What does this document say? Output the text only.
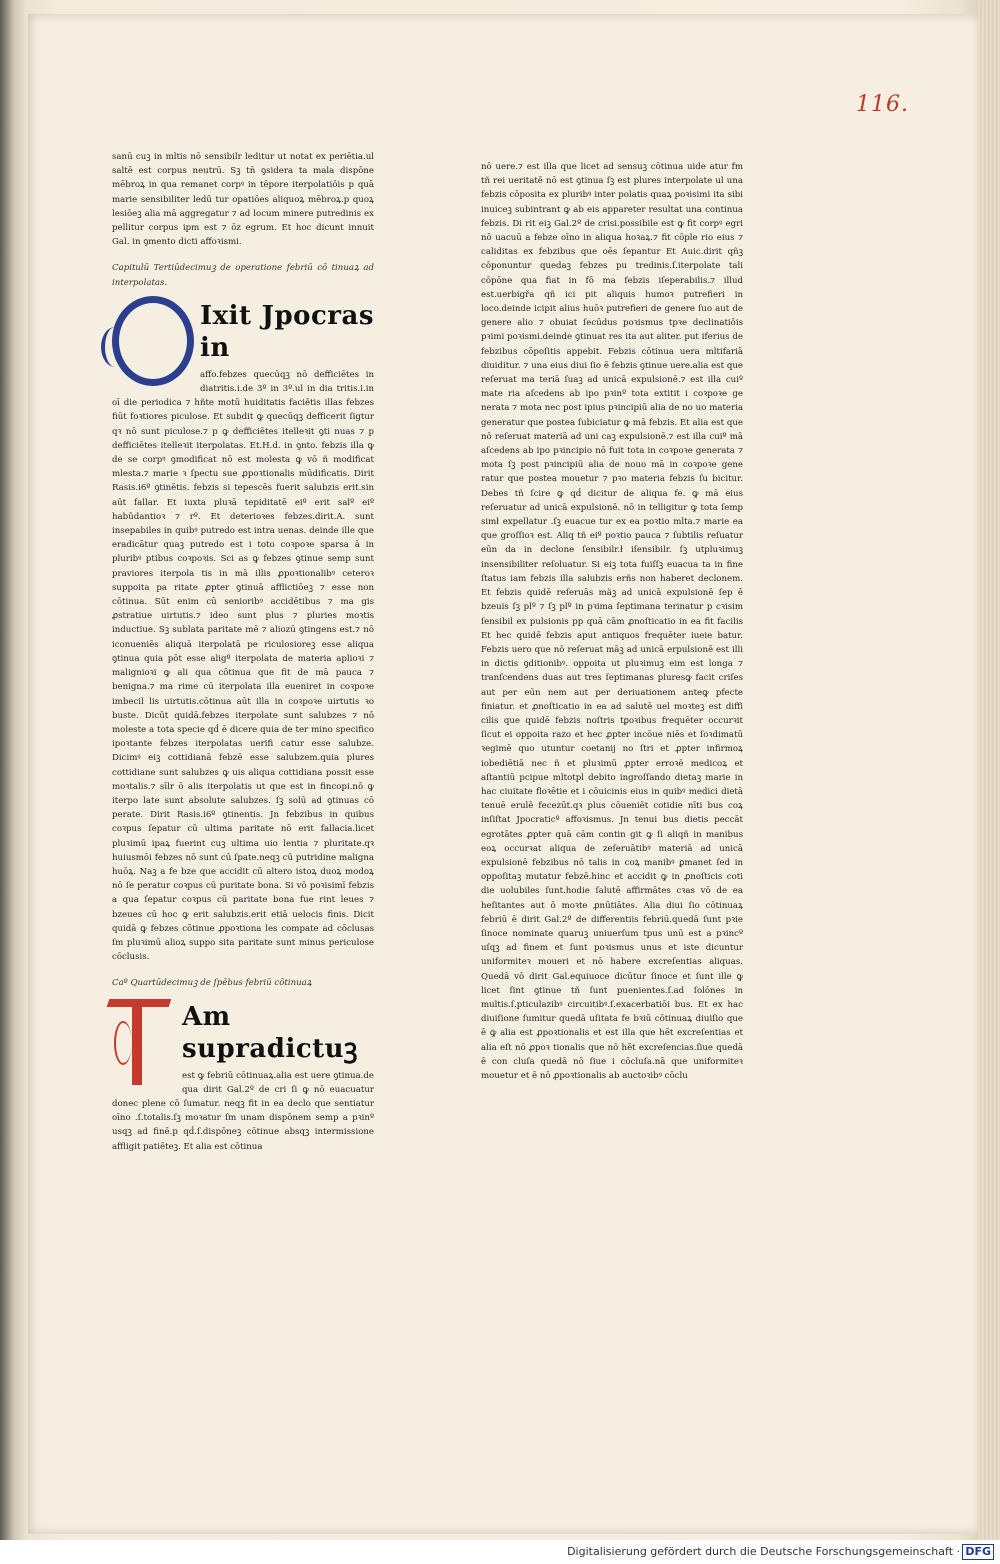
116.

sanū cuꝫ in mltis nō sensibilr leditur ut notat ex periētia.ul saltē est corpus neutrū. Sꝫ tn̄ ꝯsidera ta mala dispōne mēbroꝝ in qua remanet corpꝰ in tēpore iterpolatiōis p quā marie sensibiliter ledū tur opatiōes aliquoꝝ mēbroꝝ.p quoꝝ lesiōeꝫ alia mā aggregatur ⁊ ad locum minere putredinis ex pellitur corpus ipm est ⁊ ōz egrum. Et hoc dicunt innuit Gal. in ꝯmento dicti affoꝛismi.

Capitulū Tertiūdecimuꝫ de operatione febriū cō tinuaꝝ ad interpolatas.

Ixit Jpocras in

affo.febzes quecūqꝫ nō defficiētes in diatritis.i.de 3º in 3º.ul in dia tritis.i.in oī die periodica ⁊ hñte motū huiditatis faciētis illas febzes fiūt foꝛtiores piculose. Et subdit ꝙ quecūqꝫ defficerit ſigtur qꝛ nō sunt piculose.⁊ p ꝙ defficiētes itelleꝛit ꝯti nuas ⁊ p defficiētes itelleꝛit iterpolatas. Et.H.d. in ꝯnto. febzis illa ꝙ de se corpꝰ ꝯmodificat nō est molesta ꝙ vō ñ modificat mlesta.⁊ marie ꝛ ſpectu sue ꝓpoꝛtionalis mūdificatis. Dirit Rasis.i6º ꝯtinētis. febzis si tepescēs fuerit salubzis erit.sin aūt fallar. Et iuxta pluꝛā tepiditatē eiº erit salº eiº habūdantioꝛ ⁊ rº. Et deterioꝛes febzes.dirit.A. sunt insepabiles in quibꝰ putredo est intra uenas. deinde ille que eradicātur quaꝫ putredo est i toto coꝛpoꝛe sparsa ā in pluribꝰ ptibus coꝛpoꝛis. Sci as ꝙ febzes ꝯtinue semp sunt praviores iterpola tis in mā illis ꝓpoꝛtionalibꝰ ceteroꝛ suppoita pa ritate ꝓpter ꝯtinuā afflictiōeꝫ ⁊ esse non cōtinua. Sūt enim cū senioribꝰ accidētibus ⁊ ma gis ꝓstratiue uirtutis.⁊ ideo sunt plus ⁊ pluries moꝛtis inductiue. Sꝫ sublata paritate mē ⁊ aliozū ꝯtingens est.⁊ nō iconueniēs aliquā iterpolatā pe riculosioreꝫ esse aliqua ꝯtinua quia pōt esse aligº iterpolata de materia aplioꝛi ⁊ malignioꝛi ꝙ ali qua cōtinua que fit de mā pauca ⁊ benigna.⁊ ma rime cū iterpolata illa eueniret in coꝛpoꝛe imbecil lis uirtutis.cōtinua aūt illa in coꝛpoꝛe uirtutis ꝛo buste. Dicūt quidā.febzes iterpolate sunt salubzes ⁊ nō moleste a tota specie qḋ ē dicere quia de ter mino specifico ipoꝛtante febzes iterpolatas uerifi catur esse salubze. Dicimꝰ eiꝫ cottidianā febzē esse salubzem.quia plures cottidiane sunt salubzes ꝙ uis aliqua cottidiana possit esse moꝛtalis.⁊ sīlr ō alis iterpolatis ut que est in fincopi.nō ꝙ iterpo late sunt absolute salubzes. ſꝫ solū ad ꝯtinuas cō perate. Dirit Rasis.i6º ꝯtinentis. Jn febzibus in quibus coꝛpus ſepatur cū ultima paritate nō erit fallacia.licet pluꝛimū ipaꝝ fuerint cuꝫ ultima uio lentia ⁊ pluritate.qꝛ huiusmōi febzes nō sunt cū ſpate.neqꝫ cū putridine maligna huōꝝ. Naꝫ a fe bze que accidit cū altero istoꝝ duoꝝ modoꝝ nō ſe peratur coꝛpus cū puritate bona. Si vō poꝛisimī febzis a qua ſepatur coꝛpus cū paritate bona fue rint leues ⁊ bzeues cū hoc ꝙ erit salubzis.erit etiā uelocis finis. Dicit quidā ꝙ febzes cōtinue ꝓpoꝛtiona les compate ad cōclusas ſm pluꝛimū alioꝝ suppo sita paritate sunt minus periculose cōclusis.

Caº Quartūdecimuꝫ de ſpēbus febriū cōtinuaꝝ

Am supradictuꝫ

est ꝙ febriū cōtinuaꝝ.alia est uere ꝯtinua.de qua dirit Gal.2º de cri ſi ꝙ nō euacuatur donec plene cō ſumatur. neqꝫ fit in ea declo que sentiatur oīno .ſ.totalis.ſꝫ moꝛatur ſm unam dispōnem semp a pꝛinº usqꝫ ad finē.p qḋ.ſ.dispōneꝫ cōtinue absqꝫ intermissione affligit patiēteꝫ. Et alia est cōtinua

nō uere.⁊ est illa que licet ad sensuꝫ cōtinua uide atur fm tñ rei ueritatē nō est ꝯtinua ſꝫ est plures interpolate ul una febzis cōposita ex pluribꝰ inter polatis quaꝝ poꝛisimi ita sibi inuiceꝫ subintrant ꝙ ab eis appareter resultat una continua febzis. Di rit eiꝫ Gal.2º de crisi.possibile est ꝙ fit corpꝰ egri nō uacuū a febze oīno in aliqua hoꝛaꝝ.⁊ fit cōple rio eius ⁊ caliditas ex febzibus que oēs ſepantur Et Auic.dirit qñꝫ cōponuntur quedaꝫ febzes pu tredinis.ſ.iterpolate tali cōpōne qua fiat in fō ma febzis iſeperabilis.⁊ illud est.uerbigřa qñ ici pit aliquis humoꝛ putrefieri in loco.deinde icipit alius huōꝛ putrefieri de genere ſuo aut de genere alio ⁊ obuiat ſecūdus poꝛismus tpꝛe declinatiōis pꝛimi poꝛismi.deinde ꝯtinuat res ita aut aliter. put iferius de febzibus cōpoſitis appebit. Febzis cōtinua uera mltifariā diuiditur. ⁊ una eius diui ſio ē febzis ꝯtinue uere.alia est que reſeruat ma teriā ſuaꝫ ad unicā expulsionē.⁊ est illa cuiº mate ria aſcedens ab ipo pꝛinº tota extitit i coꝛpoꝛe ge nerata ⁊ mota nec post ipius pꝛincipiū alia de no uo materia generatur que postea ſubiciatur ꝙ mā febzis. Et alia est que nō reſeruat materiā ad uni caꝫ expulsionē.⁊ est illa cuiº mā aſcedens ab ipo pꝛincipio nō fuit tota in coꝛpoꝛe generata ⁊ mota ſꝫ post pꝛincipiū alia de nouo mā in coꝛpoꝛe gene ratur que postea mouetur ⁊ pꝛo materia febzis ſu bicitur. Debes tñ ſcire ꝙ qḋ dicitur de aliqua fe. ꝙ mā eius reſeruatur ad unicā expulsionē. nō in telligitur ꝙ tota ſemp simł expellatur .ſꝫ euacue tur ex ea poꝛtio mlta.⁊ marie ea que groſſioꝛ est. Aliq tñ eiº poꝛtio pauca ⁊ ſubtilis reſuatur eūn da in declone ſensibilr.ł iſensibilr. ſꝫ utpluꝛimuꝫ insensibiliter reſoluatur. Si eiꝫ tota fuiſſꝫ euacua ta in fine ſtatus iam febzis illa salubzis erñs non haberet declonem. Et febzis quidē reſeruās mäꝫ ad unicā expulsionē ſep ē bzeuis ſꝫ plº ⁊ ſꝫ plº in pꝛima ſeptimana terinatur p cꝛisim ſensibil ex pulsionis pp quā cām ꝓnoſticatio in ea fit facilis Et hec quidē febzis aput antiquos frequēter iueie batur. Febzis uero que nō reſeruat māꝫ ad unicā erpulsionē est illi in dictis ꝯditionibꝰ. oppoita ut pluꝛimuꝫ eim est longa ⁊ tranſcendens duas aut tres ſeptimanas pluresꝙ facit criſes aut per eūn nem aut per deriuationem anteꝙ pfecte finiatur. et ꝓnoſticatio in ea ad salutē uel moꝛteꝫ est diffi cilis que quidē febzis noſtris tꝑoꝛibus frequēter occurꝛit ſicut ei oppoita razo et hec ꝓpter incōue niēs et ſoꝛdimatū ꝛegimē quo utuntur coetanij no ſtri et ꝓpter infirmoꝝ iobediētiā nec ñ et pluꝛimū ꝓpter erroꝛē medicoꝝ et aſtantiū pcipue mltotpl debito ingroſſando dietaꝫ marie in hac ciuitate floꝛētie et i cōuicinis eius in quibꝰ medici dietā tenuē erulē fecezūt.qꝛ plus cōueniēt cotidie nīti bus coꝝ inſiſtat Jpocraticº affoꝛismus. Jn tenui bus dietis peccāt egrotātes ꝓpter quā cām contin git ꝙ ſi aliqñ in manibus eoꝝ occurꝛat aliqua de zeſeruātibꝰ materiā ad unicā expulsionē febzibus nō talis in coꝝ manibꝰ ꝑmanet ſed in oppoſitaꝫ mutatur febzē.hinc et accidit ꝙ in ꝓnoſticis coti die uolubiles ſunt.hodie ſalutē affirmātes cꝛas vō de ea heſitantes aut ō moꝛte ꝓnūtiātes. Alia diui ſio cōtinuaꝝ febriū ē dirit Gal.2º de differentiis febriū.quedā ſunt pꝛie ſinoce nominate quaruꝫ uniuerſum tpus unū est a pꝛincº uſqꝫ ad finem et ſunt poꝛismus unus et iste dicuntur uniformiteꝛ moueri et nō habere excreſentias aliquas. Quedā vō dirit Gal.equiuoce dicūtur ſinoce et ſunt ille ꝙ licet ſint ꝯtinue tñ ſunt puenientes.ſ.ad ſolōnes in multis.ſ.pticulazibꝰ circuitibꝰ.ſ.exacerbatiōi bus. Et ex hac diuiſione ſumitur quedā uſitata fe bꝛiū cōtinuaꝝ diuiſio que ē ꝙ alia est ꝓpoꝛtionalis et est illa que hēt excreſentias et alia eſt nō ꝓpoꝛ tionalis que nō hēt excreſencias.ſiue quedā ē con cluſa quedā nō ſiue i cōcluſa.nā que uniformiteꝛ mouetur et ē nō ꝓpoꝛtionalis ab auctoꝛibꝰ cōclu

Digitalisierung gefördert durch die Deutsche Forschungsgemeinschaft · DFG
